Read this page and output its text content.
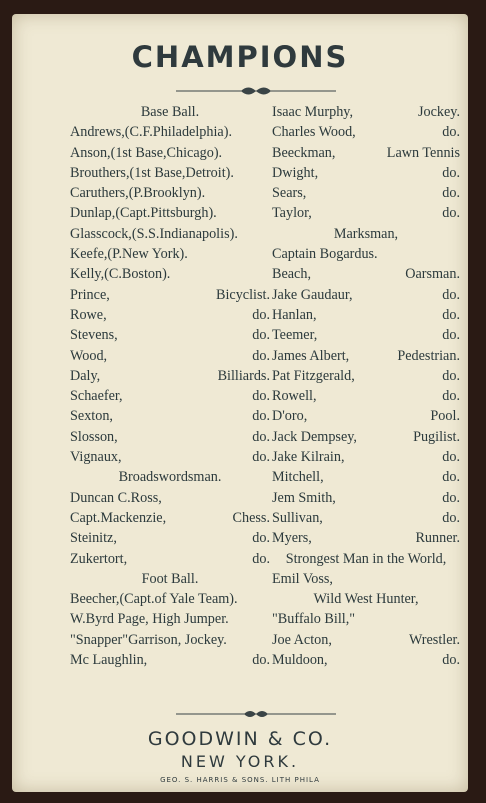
CHAMPIONS
Base Ball.
Andrews,(C.F.Philadelphia).
Anson,(1st Base,Chicago).
Brouthers,(1st Base,Detroit).
Caruthers,(P.Brooklyn).
Dunlap,(Capt.Pittsburgh).
Glasscock,(S.S.Indianapolis).
Keefe,(P.New York).
Kelly,(C.Boston).
Prince,	Bicyclist.
Rowe,	do.
Stevens,	do.
Wood,	do.
Daly,	Billiards.
Schaefer,	do.
Sexton,	do.
Slosson,	do.
Vignaux,	do.
Broadswordsman.
Duncan C.Ross,
Capt.Mackenzie,	Chess.
Steinitz,	do.
Zukertort,	do.
Foot Ball.
Beecher,(Capt.of Yale Team).
W.Byrd Page, High Jumper.
"Snapper"Garrison, Jockey.
Mc Laughlin,	do.
Isaac Murphy,	Jockey.
Charles Wood,	do.
Beeckman,	Lawn Tennis
Dwight,	do.
Sears,	do.
Taylor,	do.
Marksman,
Captain Bogardus.
Beach,	Oarsman.
Jake Gaudaur,	do.
Hanlan,	do.
Teemer,	do.
James Albert,	Pedestrian.
Pat Fitzgerald,	do.
Rowell,	do.
D'oro,	Pool.
Jack Dempsey,	Pugilist.
Jake Kilrain,	do.
Mitchell,	do.
Jem Smith,	do.
Sullivan,	do.
Myers,	Runner.
Strongest Man in the World,
Emil Voss,
Wild West Hunter,
"Buffalo Bill,"
Joe Acton,	Wrestler.
Muldoon,	do.
GOODWIN & CO.
NEW YORK.
GEO. S. HARRIS & SONS. LITH PHILA
